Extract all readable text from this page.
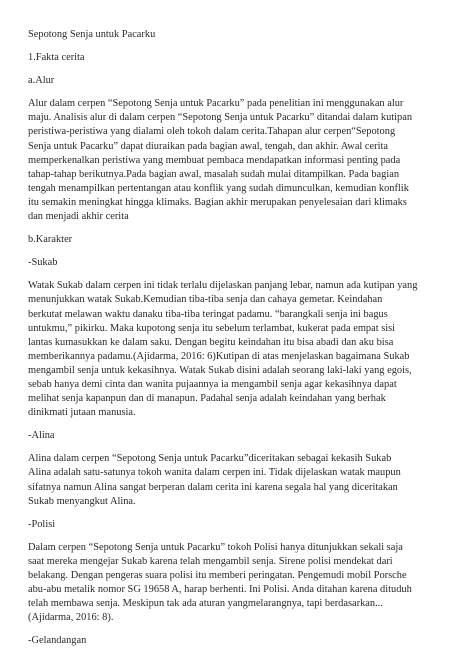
Sepotong Senja untuk Pacarku
1.Fakta cerita
a.Alur

Alur dalam cerpen “Sepotong Senja untuk Pacarku” pada penelitian ini menggunakan alur
maju. Analisis alur di dalam cerpen “Sepotong Senja untuk Pacarku” ditandai dalam kutipan
peristiwa-peristiwa yang dialami oleh tokoh dalam cerita.Tahapan alur cerpen“Sepotong
Senja untuk Pacarku” dapat diuraikan pada bagian awal, tengah, dan akhir. Awal cerita
memperkenalkan peristiwa yang membuat pembaca mendapatkan informasi penting pada
tahap-tahap berikutnya.Pada bagian awal, masalah sudah mulai ditampilkan. Pada bagian
tengah menampilkan pertentangan atau konflik yang sudah dimunculkan, kemudian konflik
itu semakin meningkat hingga klimaks. Bagian akhir merupakan penyelesaian dari klimaks
dan menjadi akhir cerita

b.Karakter
-Sukab

Watak Sukab dalam cerpen ini tidak terlalu dijelaskan panjang lebar, namun ada kutipan yang
menunjukkan watak Sukab.Kemudian tiba-tiba senja dan cahaya gemetar. Keindahan
berkutat melawan waktu danaku tiba-tiba teringat padamu. “barangkali senja ini bagus
untukmu,” pikirku. Maka kupotong senja itu sebelum terlambat, kukerat pada empat sisi
lantas kumasukkan ke dalam saku. Dengan begitu keindahan itu bisa abadi dan aku bisa
memberikannya padamu.(Ajidarma, 2016: 6)Kutipan di atas menjelaskan bagaimana Sukab
mengambil senja untuk kekasihnya. Watak Sukab disini adalah seorang laki-laki yang egois,
sebab hanya demi cinta dan wanita pujaannya ia mengambil senja agar kekasihnya dapat
melihat senja kapanpun dan di manapun. Padahal senja adalah keindahan yang berhak
dinikmati jutaan manusia.

-Alina

Alina dalam cerpen “Sepotong Senja untuk Pacarku”diceritakan sebagai kekasih Sukab
Alina adalah satu-satunya tokoh wanita dalam cerpen ini. Tidak dijelaskan watak maupun
sifatnya namun Alina sangat berperan dalam cerita ini karena segala hal yang diceritakan
Sukab menyangkut Alina.

-Polisi

Dalam cerpen “Sepotong Senja untuk Pacarku” tokoh Polisi hanya ditunjukkan sekali saja
saat mereka mengejar Sukab karena telah mengambil senja. Sirene polisi mendekat dari
belakang. Dengan pengeras suara polisi itu memberi peringatan. Pengemudi mobil Porsche
abu-abu metalik nomor SG 19658 A, harap berhenti. Ini Polisi. Anda ditahan karena dituduh
telah membawa senja. Meskipun tak ada aturan yangmelarangnya, tapi berdasarkan...
(Ajidarma, 2016: 8).

-Gelandangan
